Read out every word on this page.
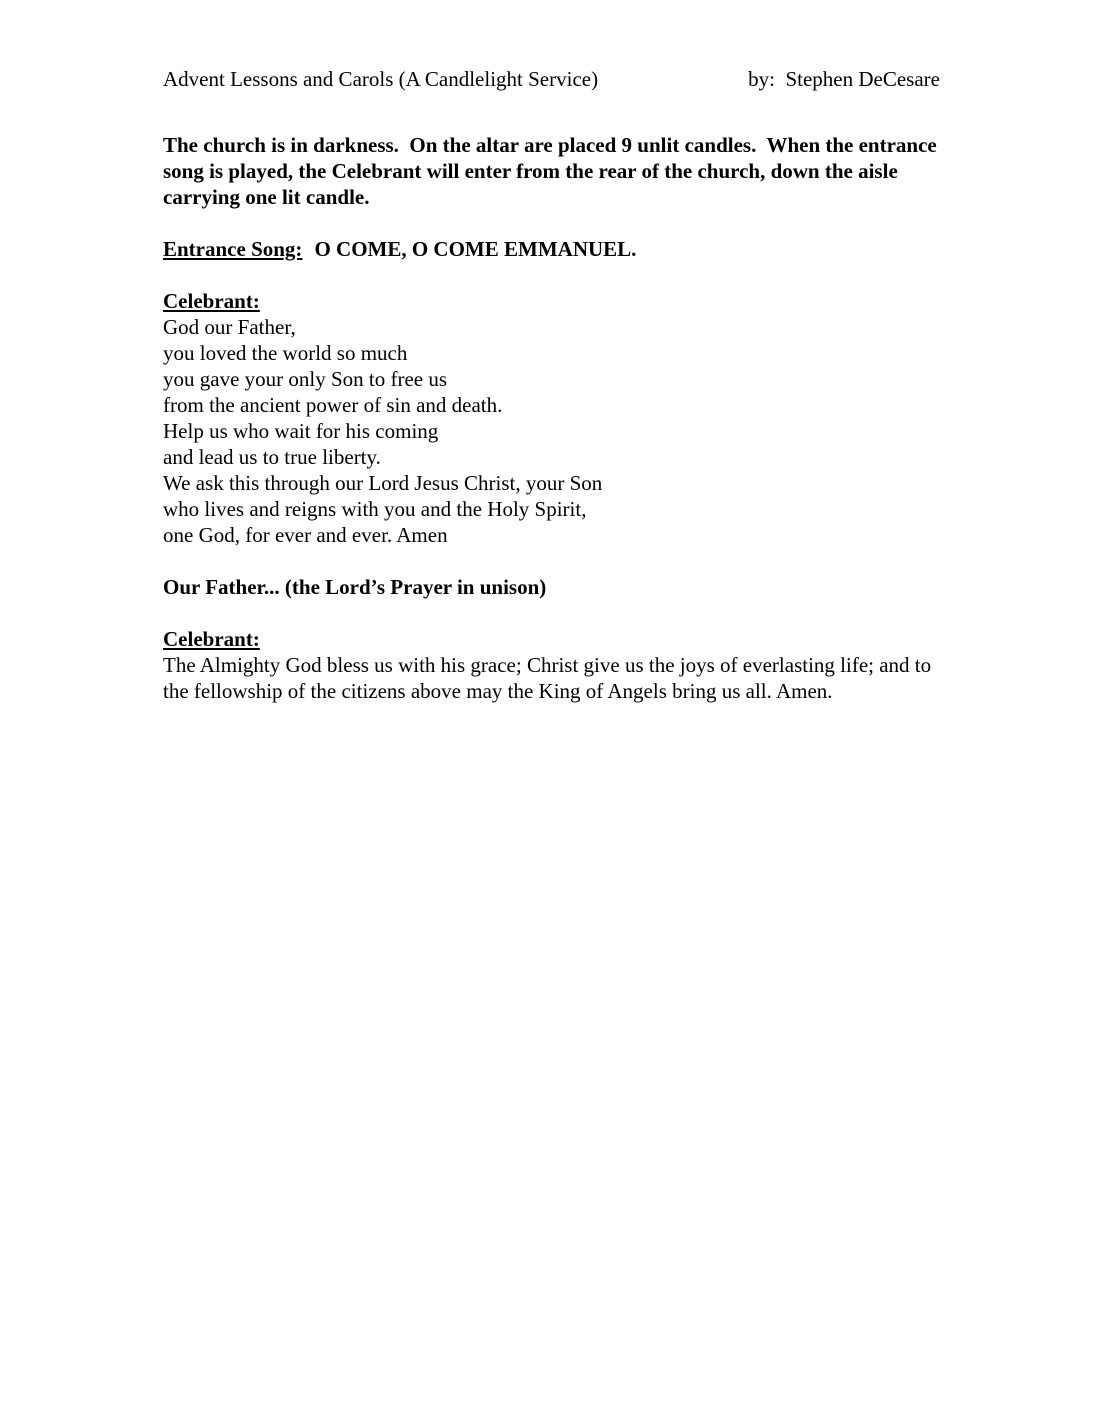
Advent Lessons and Carols (A Candlelight Service)	by:  Stephen DeCesare

The church is in darkness.  On the altar are placed 9 unlit candles.  When the entrance song is played, the Celebrant will enter from the rear of the church, down the aisle carrying one lit candle.

Entrance Song: O COME, O COME EMMANUEL.

Celebrant:

God our Father,

you loved the world so much

you gave your only Son to free us

from the ancient power of sin and death.

Help us who wait for his coming

and lead us to true liberty.

We ask this through our Lord Jesus Christ, your Son

who lives and reigns with you and the Holy Spirit,

one God, for ever and ever. Amen

Our Father... (the Lord’s Prayer in unison)

Celebrant:

The Almighty God bless us with his grace; Christ give us the joys of everlasting life; and to the fellowship of the citizens above may the King of Angels bring us all. Amen.
